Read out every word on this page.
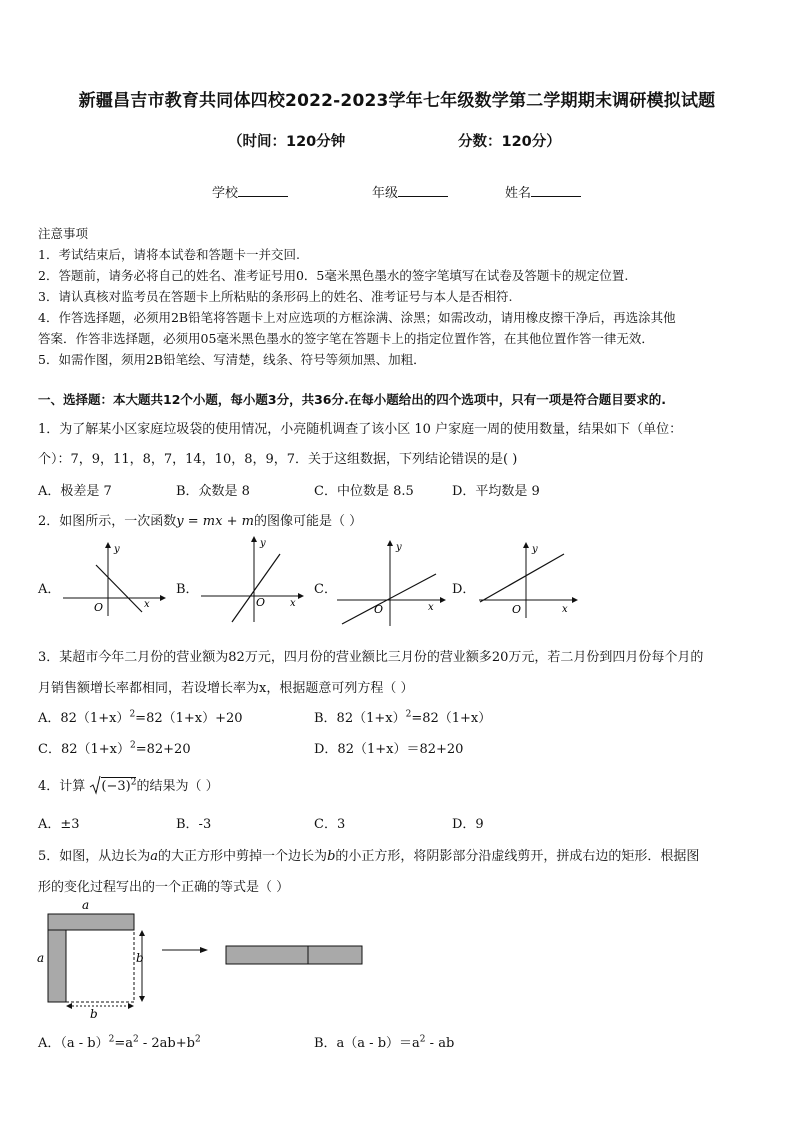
新疆昌吉市教育共同体四校2022-2023学年七年级数学第二学期期末调研模拟试题
（时间：120分钟	分数：120分）
学校	年级	姓名
注意事项
1．考试结束后，请将本试卷和答题卡一并交回.
2．答题前，请务必将自己的姓名、准考证号用0．5毫米黑色墨水的签字笔填写在试卷及答题卡的规定位置.
3．请认真核对监考员在答题卡上所粘贴的条形码上的姓名、准考证号与本人是否相符.
4．作答选择题，必须用2B铅笔将答题卡上对应选项的方框涂满、涂黑；如需改动，请用橡皮擦干净后，再选涂其他
答案．作答非选择题，必须用05毫米黑色墨水的签字笔在答题卡上的指定位置作答，在其他位置作答一律无效．
5．如需作图，须用2B铅笔绘、写清楚，线条、符号等须加黑、加粗．
一、选择题：本大题共12个小题，每小题3分，共36分.在每小题给出的四个选项中，只有一项是符合题目要求的.
1．为了解某小区家庭垃圾袋的使用情况，小亮随机调查了该小区 10 户家庭一周的使用数量，结果如下（单位：
个）：7，9，11，8，7，14，10，8，9，7．关于这组数据，下列结论错误的是( )
A．极差是 7	B．众数是 8	C．中位数是 8.5	D．平均数是 9
2．如图所示，一次函数y = mx + m的图像可能是（ ）
A．	B．	C．	D．
y
x
O
y
x
O
y
x
O
y
x
O
3．某超市今年二月份的营业额为82万元，四月份的营业额比三月份的营业额多20万元，若二月份到四月份每个月的
月销售额增长率都相同，若设增长率为x，根据题意可列方程（ ）
A．$82(1+x)^2=82(1+x)+20$	B．$82(1+x)^2=82(1+x)$
C．$82(1+x)^2=82+20$	D．82（1+x）＝82+20
4．计算 $(-3)^2$的结果为（ ）
A．±3	B．-3	C．3	D．9
5．如图，从边长为a的大正方形中剪掉一个边长为b的小正方形，将阴影部分沿虚线剪开，拼成右边的矩形．根据图
形的变化过程写出的一个正确的等式是（ ）
a
a	b
b
A．$(a - b)^2=a^2 - 2ab+b^2$	B．$a(a - b)=a^2$ - ab
